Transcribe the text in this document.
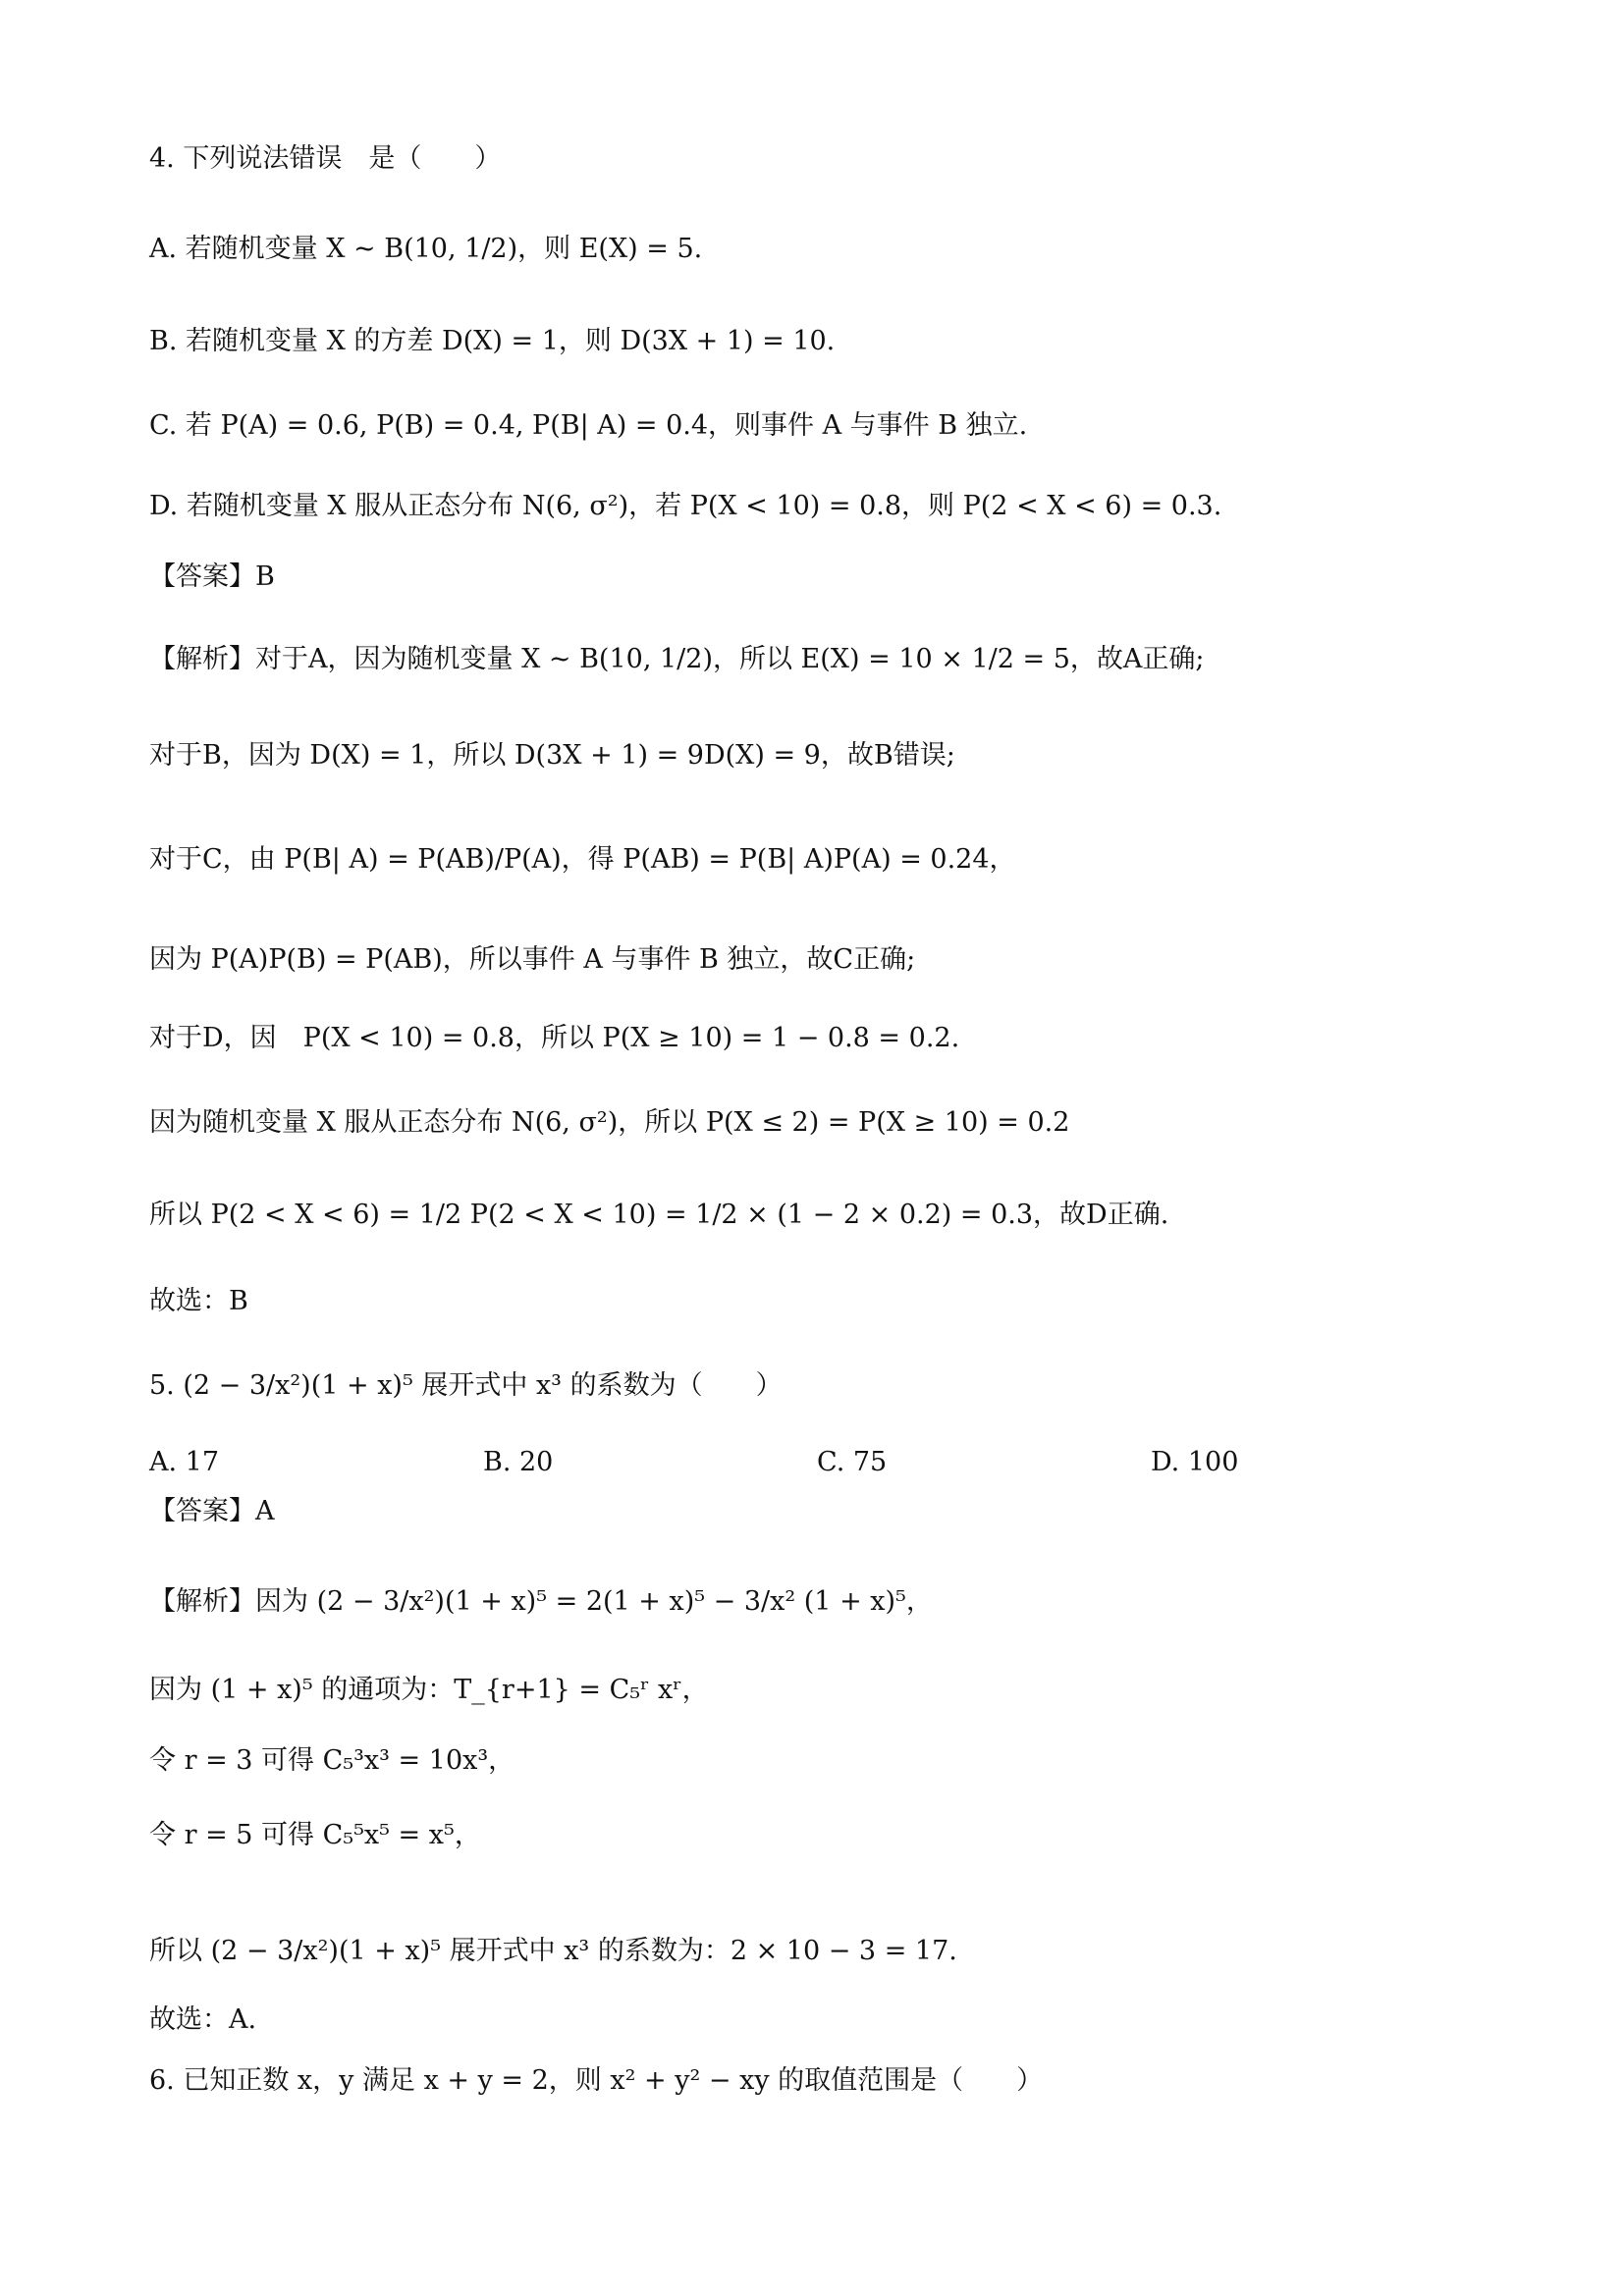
4. 下列说法错误　是（　　）
A. 若随机变量 X ~ B(10, 1/2)，则 E(X) = 5.
B. 若随机变量 X 的方差 D(X) = 1，则 D(3X + 1) = 10.
C. 若 P(A) = 0.6, P(B) = 0.4, P(B| A) = 0.4，则事件 A 与事件 B 独立.
D. 若随机变量 X 服从正态分布 N(6, σ²)，若 P(X < 10) = 0.8，则 P(2 < X < 6) = 0.3.
【答案】B
【解析】对于A，因为随机变量 X ~ B(10, 1/2)，所以 E(X) = 10 × 1/2 = 5，故A正确;
对于B，因为 D(X) = 1，所以 D(3X + 1) = 9D(X) = 9，故B错误;
对于C，由 P(B| A) = P(AB)/P(A)，得 P(AB) = P(B| A)P(A) = 0.24，
因为 P(A)P(B) = P(AB)，所以事件 A 与事件 B 独立，故C正确;
对于D，因　P(X < 10) = 0.8，所以 P(X ≥ 10) = 1 − 0.8 = 0.2.
因为随机变量 X 服从正态分布 N(6, σ²)，所以 P(X ≤ 2) = P(X ≥ 10) = 0.2
所以 P(2 < X < 6) = 1/2 P(2 < X < 10) = 1/2 × (1 − 2 × 0.2) = 0.3，故D正确.
故选：B
5. (2 − 3/x²)(1 + x)⁵ 展开式中 x³ 的系数为（　　）
A. 17	B. 20	C. 75	D. 100
【答案】A
【解析】因为 (2 − 3/x²)(1 + x)⁵ = 2(1 + x)⁵ − 3/x² (1 + x)⁵，
因为 (1 + x)⁵ 的通项为：T_{r+1} = C₅ʳ xʳ，
令 r = 3 可得 C₅³x³ = 10x³，
令 r = 5 可得 C₅⁵x⁵ = x⁵，
所以 (2 − 3/x²)(1 + x)⁵ 展开式中 x³ 的系数为：2 × 10 − 3 = 17.
故选：A.
6. 已知正数 x，y 满足 x + y = 2，则 x² + y² − xy 的取值范围是（　　）
